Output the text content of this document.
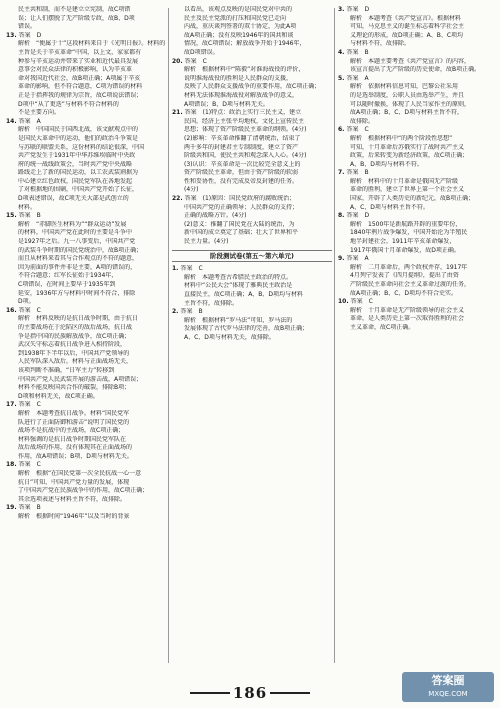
民主共和制，而不是建立立宪制，故C项错
误；让人们摆脱了无产阶级专政，故B、D项
错误。
13. 答案　D
解析　“便属于十”这段材料来自于《光明日报》。材料的
主旨是关于辛亥革命“中国，以上文，家家都有
种参与辛亥运动并带来了实业和近代最具发展
意事会对民众法律的积极影响，认为辛亥革
命对我国近代社会，故B项正确；A项属于辛亥
革命的影响，但不符合题意，C项为错误的材料
正是于指挥我的规律为宗旨，故C项说法错误；
D项中“从了更迭”与材料不符合材料的
不是主要方向。
14. 答案　A
解析　中国国民于国西北战，该文献观点中的
是国民大革命中的运动，他们的政治斗争策是
与苏联的联盟关系，这份材料的结论很深，中国
共产党发生于1931年中华苏维埃临时中央政
府的统一战线政策会，当时共产党中央战略
路线走上了新的国民运动，以工农武装割据为
中心建立红色政权，国民党军队在各地发起
了对根据地的围剿，中国共产党开始了长征，
D项表述错误，故C项无关大部是武创立的
材料。
15. 答案　B
解析　“赤脚医生材料为”“群众运动”发展
的材料，中国共产党在此时的主要是斗争中
是1927年之后。九一八事变后，中国共产党
的武装斗争时期的国民党统治中，故B项正确；
而且从材料来看其与合作观点的不符的题意，
因为前面的事件并非是主要，A项的错误的，
不符合题意；红军长征始于1934年，
C项错误，在时间上要早于1935年到
延安，1936年方与材料中时间不符合，排除
D项。
16. 答案　C
解析　材料反映的是抗日战争时期，由于抗日
的主要战场在于沦陷区的敌后战场，抗日战
争是指中国的民族解放战争，故C项正确；
武汉失守标志着抗日战争进入相持阶段，
到1938年下半年以后，中国共产党领导的
人民军队深入敌后，材料与正面战场无关，
该项判断不准确，“日军主力”转移到
中国共产党人民武装开展的游击战，A项错误；
材料不能反映国共合作的破裂，排除B项；
D项和材料无关，故C项正确。
17. 答案　C
解析　本题考查抗日战争。材料“国民党军
队进行了正面防御和游击”说明了国民党的
战场不是抗战中的主战场，故C项正确；
材料强调的是抗日战争时期国民党军队在
敌后战场的作用，没有体现其在正面战场的
作用，故A项错误；B项、D项与材料无关。
18. 答案　C
解析　根据“在国民党第一次全民抗战一心一意
抗日”可知，中国共产党力量的发展，体现
了中国共产党在民族战争中的作用，故C项正确；
其余选项表述与材料主旨不符，故排除。
19. 答案　B
解析　根据时间“1946年”以及当时的背景
以看出，该观点反映的是国民党对中共的
民主及民主党派的打压和国民党已走向
内战，重庆谈判签署的双十协定，为此A项
故A项正确；没有反映1946年的国共和谈
情况，故C项错误；解放战争开始于1946年，
故D项错误。
20. 答案　C
解析　根据材料中“陈毅”对淮海战役的评价，
说明淮海战役的胜利是人民群众的支援，
反映了人民群众支援战争的重要作用，故C项正确；
材料无法体现淮海战役对解放战争的意义，
A项错误；B、D项与材料无关。
21. 答案　(1)特点：政治上实行三民主义，建立
民国，经济上主张平均地权，文化上宣传民主
思想；体现了资产阶级民主革命的纲领。(4分)
(2)影响：辛亥革命推翻了清朝统治，结束了
两千多年的封建君主专制制度，建立了资产
阶级共和国，使民主共和观念深入人心。(4分)
(3)认识：辛亥革命是一次比较完全意义上的
资产阶级民主革命，但由于资产阶级的软弱
性和妥协性，没有完成反帝反封建的任务。
(4分)
22. 答案　(1)原因：国民党政府的腐败统治；
中国共产党的正确领导；人民群众的支持；
正确的战略方针。(4分)
(2)意义：推翻了国民党在大陆的统治，为
新中国的成立奠定了基础；壮大了世界和平
民主力量。(4分)
阶段测试卷(第五～第六单元)
1. 答案　C
解析　本题考查古希腊民主政治的特点。
材料中“公民大会”体现了雅典民主政治是
直接民主，故C项正确；A、B、D项均与材料
主旨不符，故排除。
2. 答案　B
解析　根据材料“罗马法”可知，罗马法的
发展体现了古代罗马法律的完善，故B项正确；
A、C、D项与材料无关，故排除。
3. 答案　D
解析　本题考查《共产党宣言》。根据材料
可知，马克思主义的诞生标志着科学社会主
义理论的形成，故D项正确；A、B、C项均
与材料不符，故排除。
4. 答案　B
解析　本题主要考查《共产党宣言》的内容，
该宣言提出了无产阶级的历史使命，故B项正确。
5. 答案　A
解析　依据材料信息可知，巴黎公社采用
的是选举制度，公职人员由选举产生，并且
可以随时撤换，体现了人民当家作主的原则，
故A项正确；B、C、D项与材料主旨不符，
故排除。
6. 答案　C
解析　根据材料中“的两个阶段性思想”
可知，十月革命后苏俄实行了战时共产主义
政策，后来转变为新经济政策，故C项正确；
A、B、D项均与材料不符。
7. 答案　B
解析　材料中的十月革命是俄国无产阶级
革命的胜利，建立了世界上第一个社会主义
国家，开辟了人类历史的新纪元，故B项正确；
A、C、D项与材料主旨不符。
8. 答案　D
解析　1500年是新航路开辟的重要年份，
1840年鸦片战争爆发，中国开始沦为半殖民
地半封建社会，1911年辛亥革命爆发，
1917年俄国十月革命爆发，故D项正确。
9. 答案　A
解析　二月革命后，两个政权并存，1917年
4月列宁发表了《四月提纲》，提出了由资
产阶级民主革命向社会主义革命过渡的任务，
故A项正确；B、C、D项均不符合史实。
10. 答案　C
解析　十月革命是无产阶级领导的社会主义
革命，是人类历史上第一次取得胜利的社会
主义革命，故C项正确。
186
答案圈
MXQE.COM
